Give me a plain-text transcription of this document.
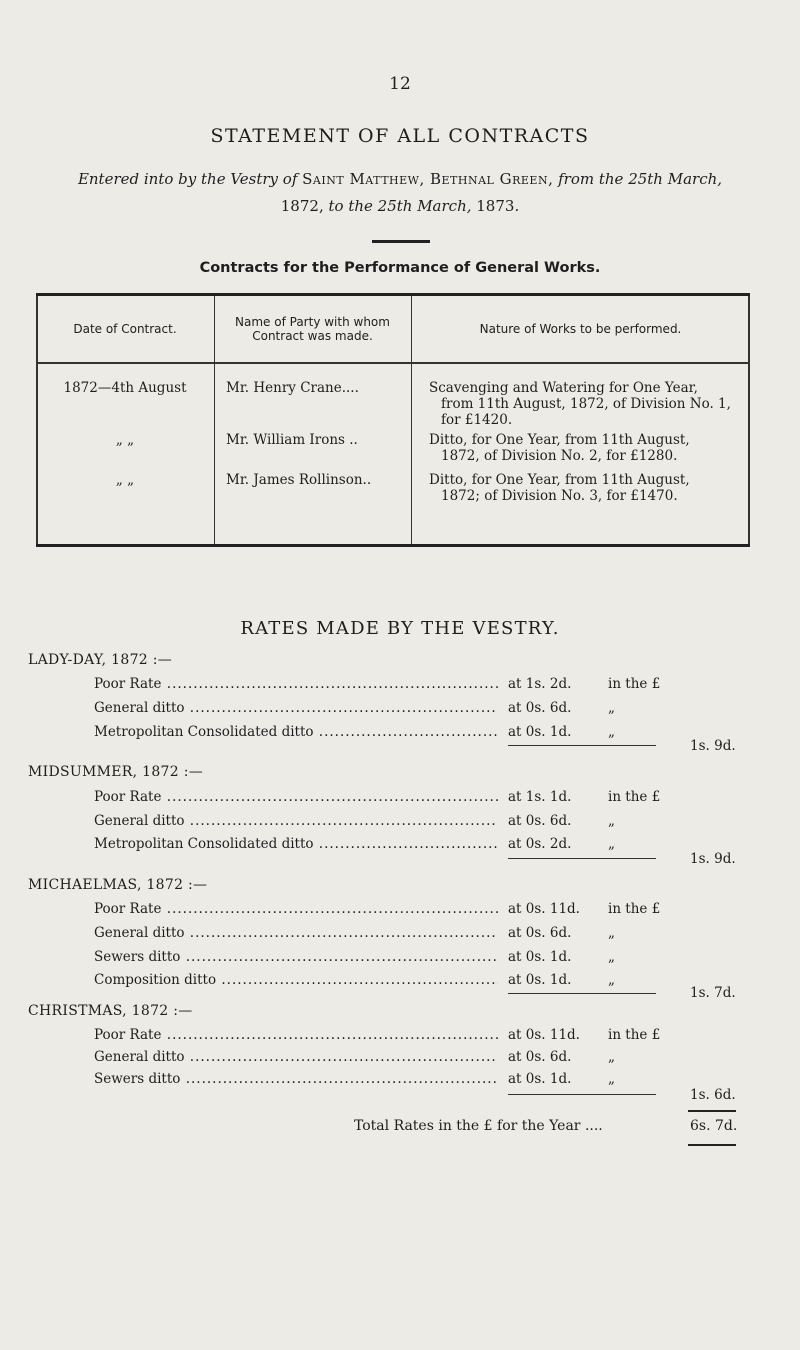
12
STATEMENT OF ALL CONTRACTS
Entered into by the Vestry of Saint Matthew, Bethnal Green, from the 25th March,
1872, to the 25th March, 1873.
Contracts for the Performance of General Works.
Date of Contract.	Name of Party with whom Contract was made.	Nature of Works to be performed.
1872—4th August	Mr. Henry Crane....	Scavenging and Watering for One Year,
from 11th August, 1872, of Division No. 1, for £1420.
„ „	Mr. William Irons ..	Ditto, for One Year, from 11th August,
1872, of Division No. 2, for £1280.
„ „	Mr. James Rollinson..	Ditto, for One Year, from 11th August,
1872; of Division No. 3, for £1470.
RATES MADE BY THE VESTRY.
LADY-DAY, 1872 :—
Poor Rate .....	at 1s. 2d.	in the £
General ditto .....	at 0s. 6d.	„
Metropolitan Consolidated ditto .....	at 0s. 1d.	„
1s. 9d.
MIDSUMMER, 1872 :—
Poor Rate .....	at 1s. 1d.	in the £
General ditto .....	at 0s. 6d.	„
Metropolitan Consolidated ditto .....	at 0s. 2d.	„
1s. 9d.
MICHAELMAS, 1872 :—
Poor Rate .....	at 0s. 11d. in the £
General ditto .....	at 0s. 6d.	„
Sewers ditto .....	at 0s. 1d.	„
Composition ditto .....	at 0s. 1d.	„
1s. 7d.
CHRISTMAS, 1872 :—
Poor Rate .....	at 0s. 11d. in the £
General ditto .....	at 0s. 6d.	„
Sewers ditto .....	at 0s. 1d.	„
1s. 6d.
Total Rates in the £ for the Year ....	6s. 7d.
